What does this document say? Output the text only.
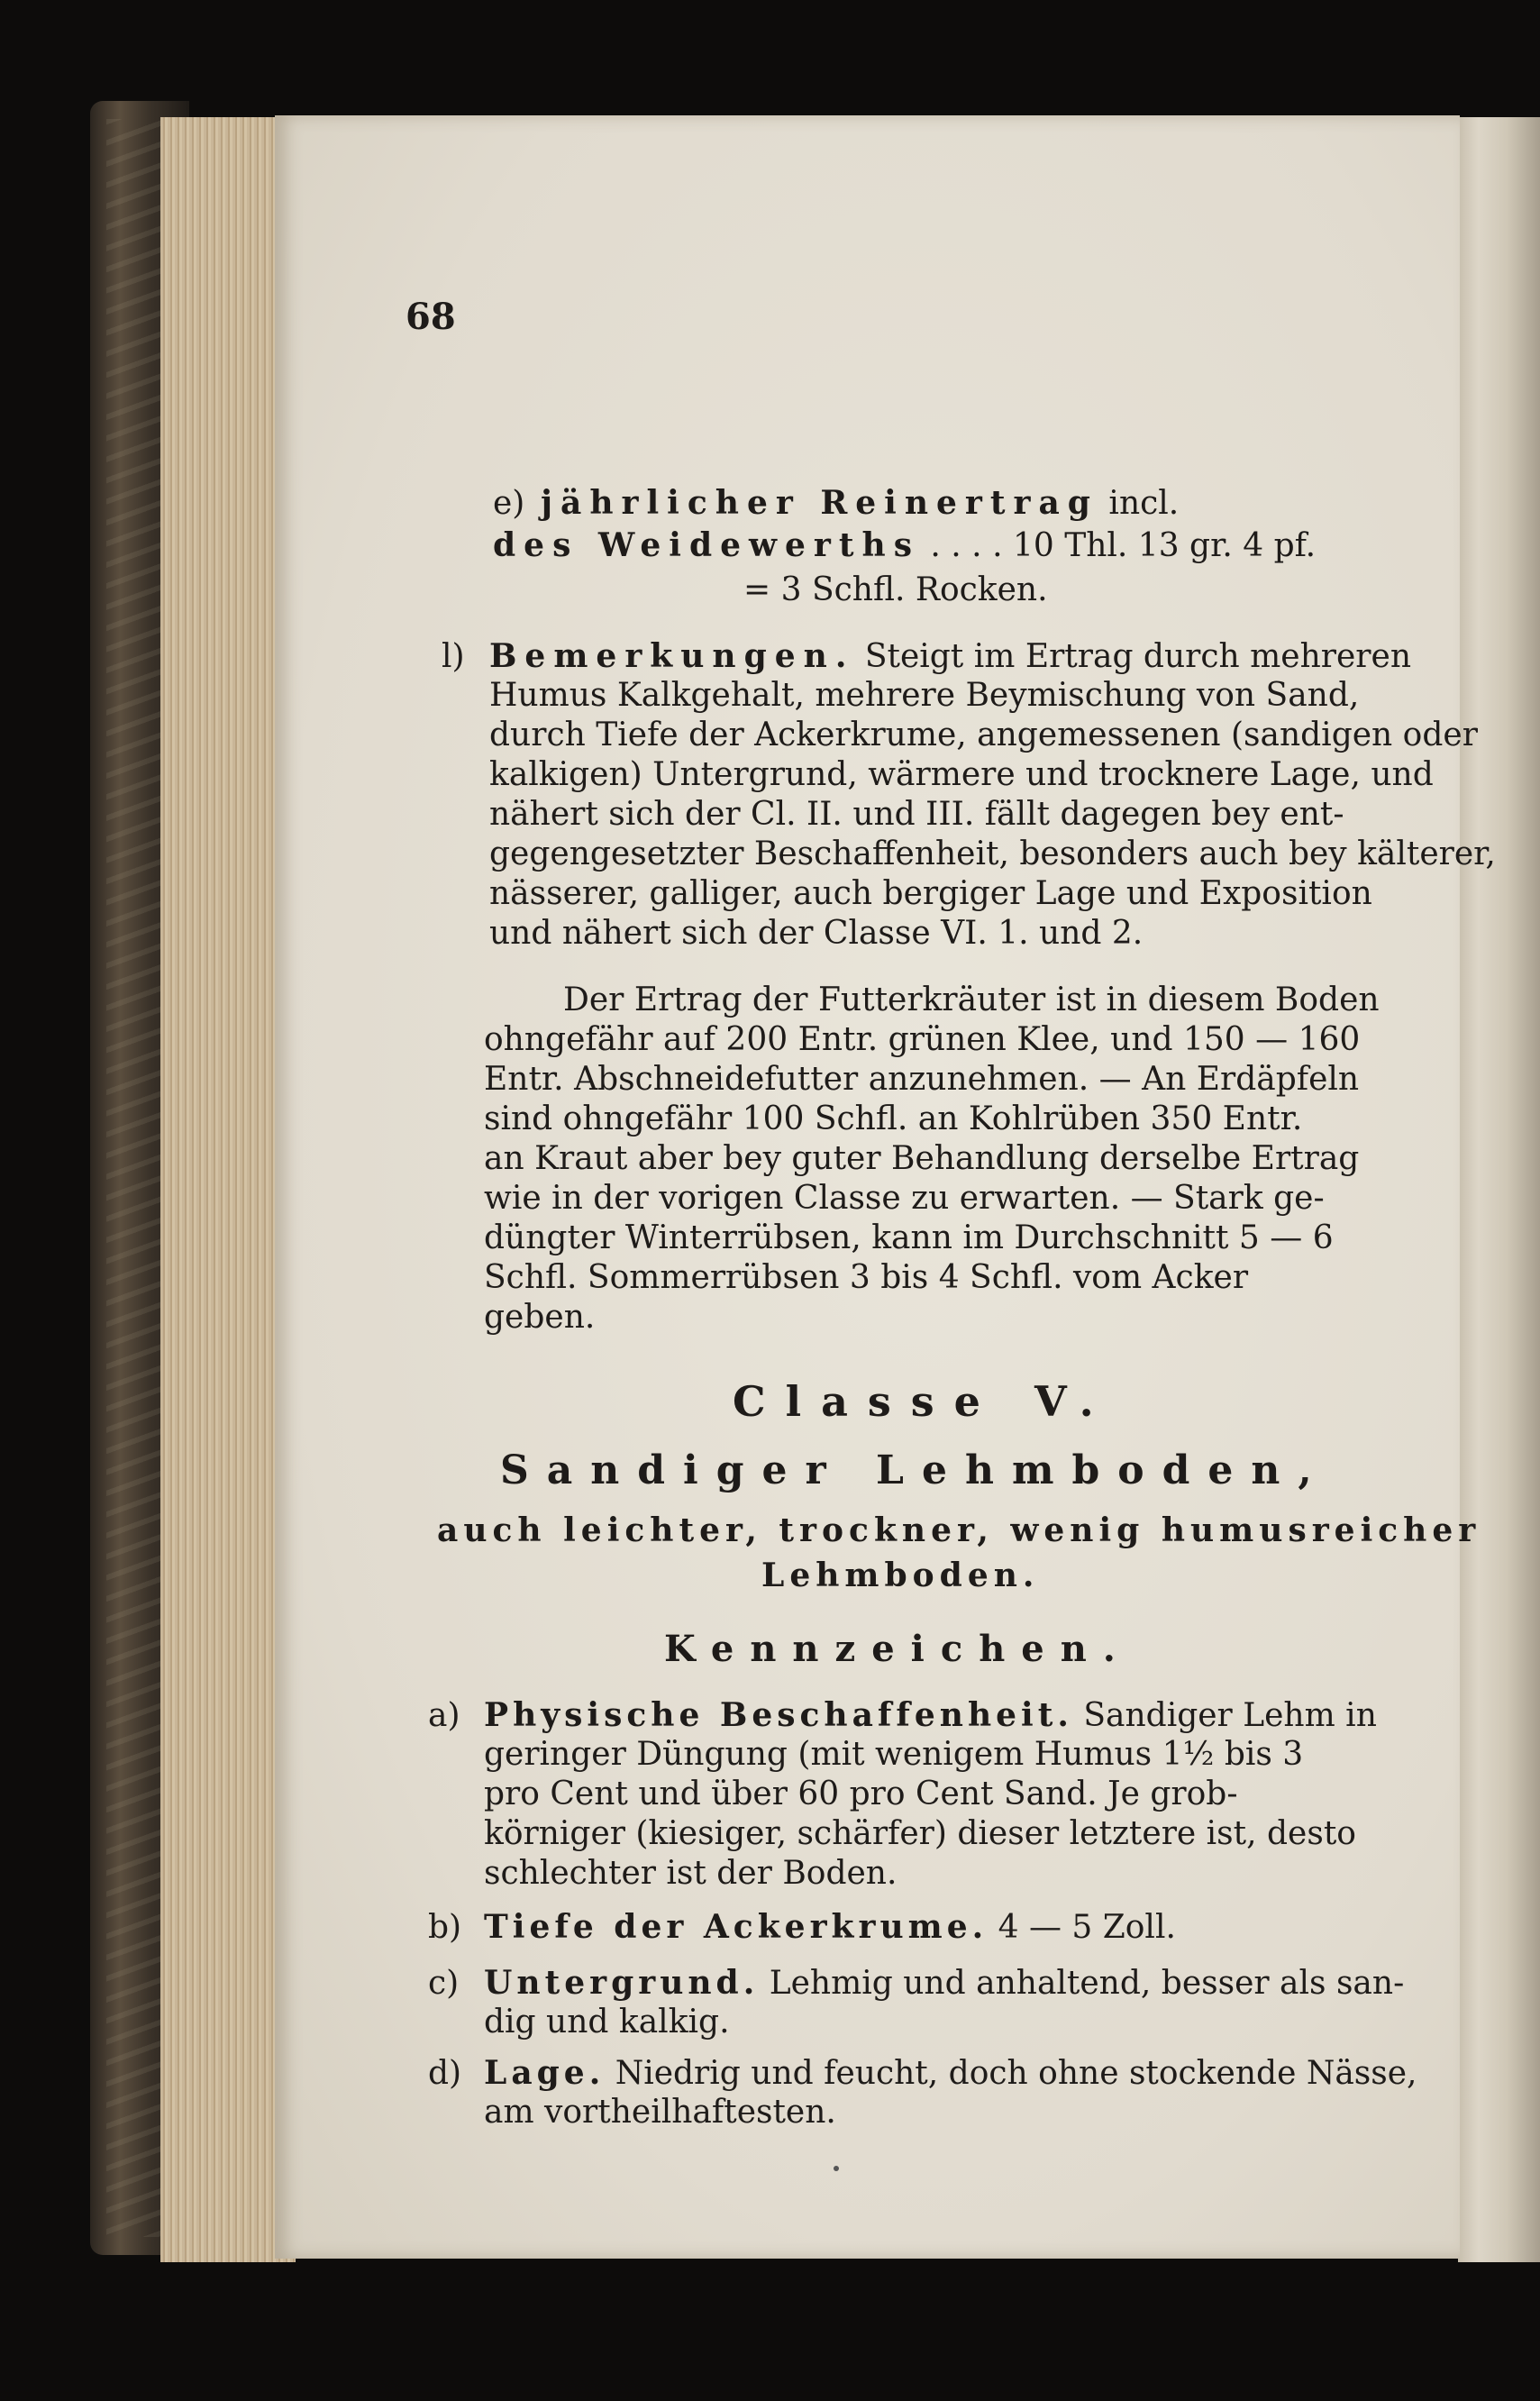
68
e) jährlicher Reinertrag incl.
des Weidewerths . . . . 10 Thl. 13 gr. 4 pf.
= 3 Schfl. Rocken.
l) Bemerkungen. Steigt im Ertrag durch mehreren
Humus Kalkgehalt, mehrere Beymischung von Sand,
durch Tiefe der Ackerkrume, angemessenen (sandigen oder
kalkigen) Untergrund, wärmere und trocknere Lage, und
nähert sich der Cl. II. und III. fällt dagegen bey ent-
gegengesetzter Beschaffenheit, besonders auch bey kälterer,
nässerer, galliger, auch bergiger Lage und Exposition
und nähert sich der Classe VI. 1. und 2.
Der Ertrag der Futterkräuter ist in diesem Boden
ohngefähr auf 200 Entr. grünen Klee, und 150 — 160
Entr. Abschneidefutter anzunehmen. — An Erdäpfeln
sind ohngefähr 100 Schfl. an Kohlrüben 350 Entr.
an Kraut aber bey guter Behandlung derselbe Ertrag
wie in der vorigen Classe zu erwarten. — Stark ge-
düngter Winterrübsen, kann im Durchschnitt 5 — 6
Schfl. Sommerrübsen 3 bis 4 Schfl. vom Acker
geben.
Classe V.
Sandiger Lehmboden,
auch leichter, trockner, wenig humusreicher
Lehmboden.
Kennzeichen.
a) Physische Beschaffenheit. Sandiger Lehm in
geringer Düngung (mit wenigem Humus 1½ bis 3
pro Cent und über 60 pro Cent Sand. Je grob-
körniger (kiesiger, schärfer) dieser letztere ist, desto
schlechter ist der Boden.
b) Tiefe der Ackerkrume. 4 — 5 Zoll.
c) Untergrund. Lehmig und anhaltend, besser als san-
dig und kalkig.
d) Lage. Niedrig und feucht, doch ohne stockende Nässe,
am vortheilhaftesten.
